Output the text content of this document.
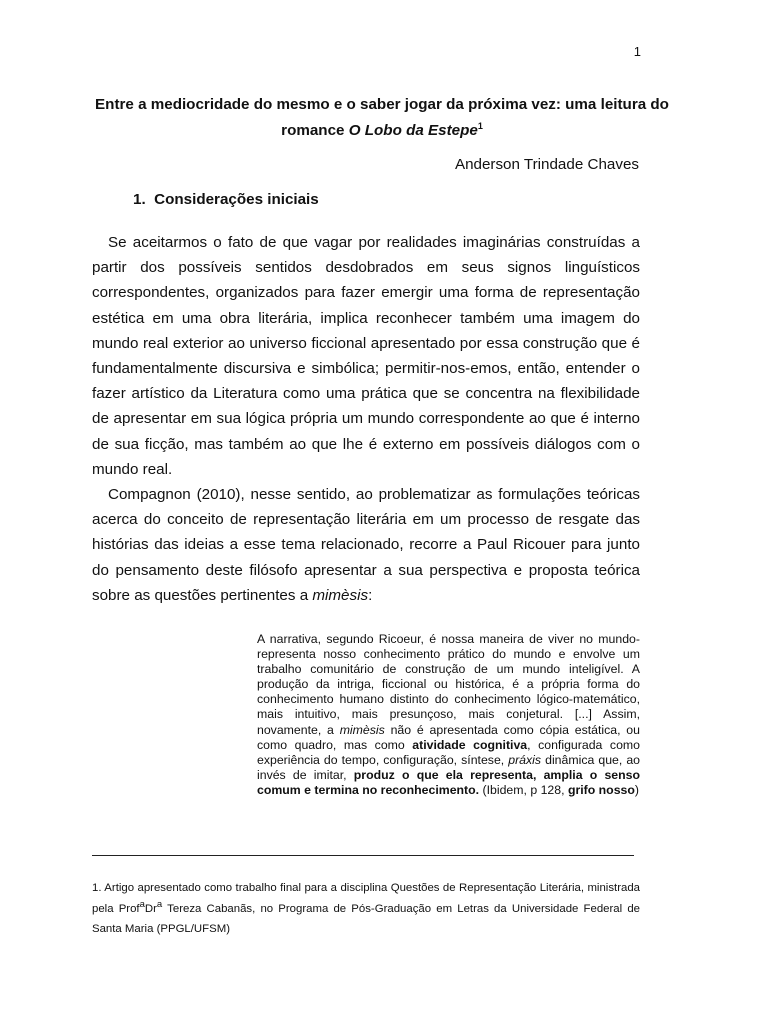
1
Entre a mediocridade do mesmo e o saber jogar da próxima vez: uma leitura do romance O Lobo da Estepe$^1$
Anderson Trindade Chaves
1. Considerações iniciais

Se aceitarmos o fato de que vagar por realidades imaginárias construídas a partir dos possíveis sentidos desdobrados em seus signos linguísticos correspondentes, organizados para fazer emergir uma forma de representação estética em uma obra literária, implica reconhecer também uma imagem do mundo real exterior ao universo ficcional apresentado por essa construção que é fundamentalmente discursiva e simbólica; permitir-nos-emos, então, entender o fazer artístico da Literatura como uma prática que se concentra na flexibilidade de apresentar em sua lógica própria um mundo correspondente ao que é interno de sua ficção, mas também ao que lhe é externo em possíveis diálogos com o mundo real.

Compagnon (2010), nesse sentido, ao problematizar as formulações teóricas acerca do conceito de representação literária em um processo de resgate das histórias das ideias a esse tema relacionado, recorre a Paul Ricouer para junto do pensamento deste filósofo apresentar a sua perspectiva e proposta teórica sobre as questões pertinentes a mimèsis:

A narrativa, segundo Ricoeur, é nossa maneira de viver no mundo-representa nosso conhecimento prático do mundo e envolve um trabalho comunitário de construção de um mundo inteligível. A produção da intriga, ficcional ou histórica, é a própria forma do conhecimento humano distinto do conhecimento lógico-matemático, mais intuitivo, mais presunçoso, mais conjetural. [...] Assim, novamente, a mimèsis não é apresentada como cópia estática, ou como quadro, mas como atividade cognitiva, configurada como experiência do tempo, configuração, síntese, práxis dinâmica que, ao invés de imitar, produz o que ela representa, amplia o senso comum e termina no reconhecimento. (Ibidem, p 128, grifo nosso)

1. Artigo apresentado como trabalho final para a disciplina Questões de Representação Literária, ministrada pela Prof$^a$Dr$^a$ Tereza Cabanãs, no Programa de Pós-Graduação em Letras da Universidade Federal de Santa Maria (PPGL/UFSM)
